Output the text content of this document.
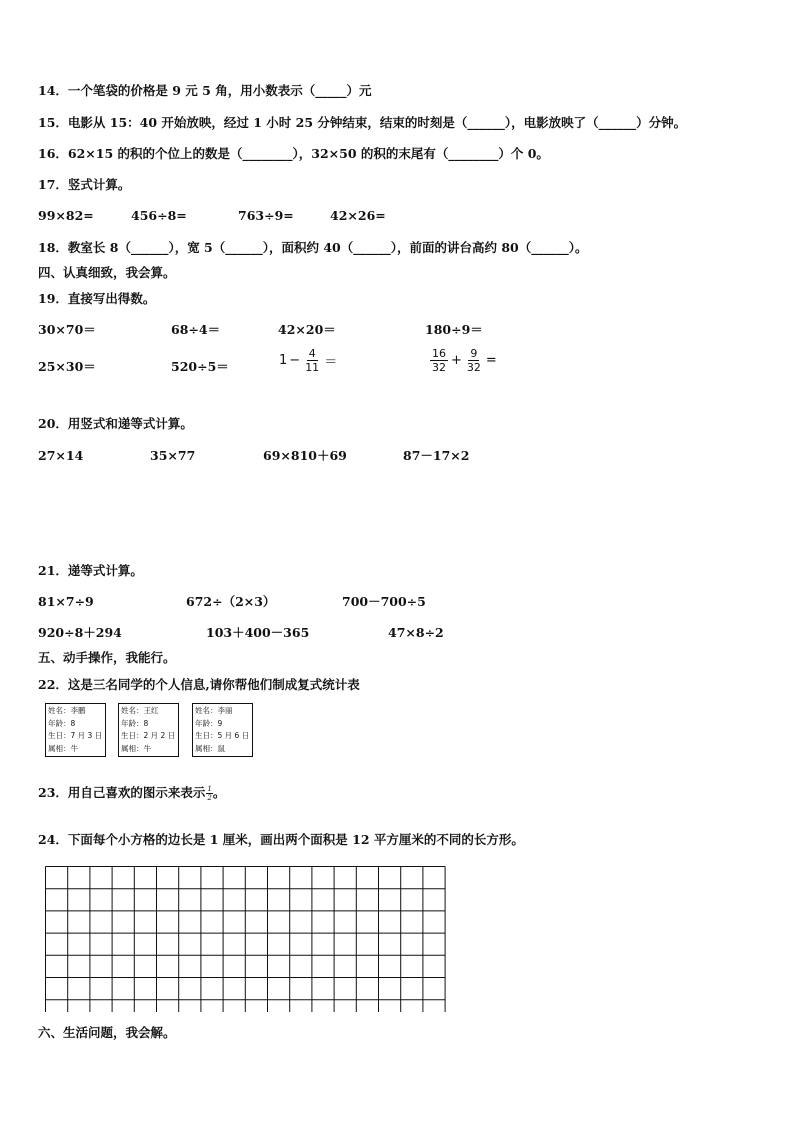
14．一个笔袋的价格是 9 元 5 角，用小数表示（_____）元
15．电影从 15：40 开始放映，经过 1 小时 25 分钟结束，结束的时刻是（______），电影放映了（______）分钟。
16．62×15 的积的个位上的数是（________），32×50 的积的末尾有（________）个 0。
17．竖式计算。
99×82=	456÷8=	763÷9=	42×26=
18．教室长 8（______），宽 5（______），面积约 40（______），前面的讲台高约 80（______）。
四、认真细致，我会算。
19．直接写出得数。
30×70＝	68÷4＝	42×20＝	180÷9＝
25×30＝	520÷5＝	$1 - \frac{4}{11}$ ＝	$\frac{16}{32} + \frac{9}{32}$ =
20．用竖式和递等式计算。
27×14	35×77	69×810＋69	87－17×2
21．递等式计算。
81×7÷9	672÷（2×3）	700－700÷5
920÷8＋294	103＋400－365	47×8÷2
五、动手操作，我能行。
22．这是三名同学的个人信息,请你帮他们制成复式统计表
姓名：李鹏
年龄：8
生日：7 月 3 日
属相：牛
姓名：王红
年龄：8
生日：2 月 2 日
属相：牛
姓名：李丽
年龄：9
生日：5 月 6 日
属相：鼠
23．用自己喜欢的图示来表示 $\frac{1}{2}$ 。
24．下面每个小方格的边长是 1 厘米，画出两个面积是 12 平方厘米的不同的长方形。
六、生活问题，我会解。
